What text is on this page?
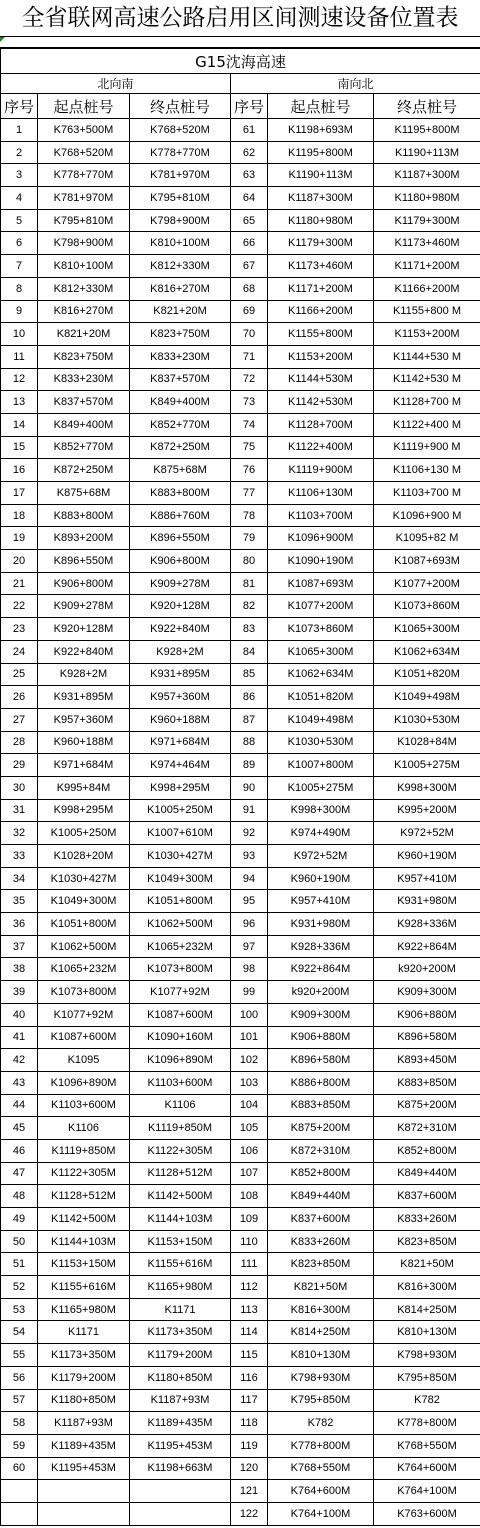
全省联网高速公路启用区间测速设备位置表
G15沈海高速					
北向南			南向北		
序号	起点桩号	终点桩号	序号	起点桩号	终点桩号
1	K763+500M	K768+520M	61	K1198+693M	K1195+800M
2	K768+520M	K778+770M	62	K1195+800M	K1190+113M
3	K778+770M	K781+970M	63	K1190+113M	K1187+300M
4	K781+970M	K795+810M	64	K1187+300M	K1180+980M
5	K795+810M	K798+900M	65	K1180+980M	K1179+300M
6	K798+900M	K810+100M	66	K1179+300M	K1173+460M
7	K810+100M	K812+330M	67	K1173+460M	K1171+200M
8	K812+330M	K816+270M	68	K1171+200M	K1166+200M
9	K816+270M	K821+20M	69	K1166+200M	K1155+800 M
10	K821+20M	K823+750M	70	K1155+800M	K1153+200M
11	K823+750M	K833+230M	71	K1153+200M	K1144+530 M
12	K833+230M	K837+570M	72	K1144+530M	K1142+530 M
13	K837+570M	K849+400M	73	K1142+530M	K1128+700 M
14	K849+400M	K852+770M	74	K1128+700M	K1122+400 M
15	K852+770M	K872+250M	75	K1122+400M	K1119+900 M
16	K872+250M	K875+68M	76	K1119+900M	K1106+130 M
17	K875+68M	K883+800M	77	K1106+130M	K1103+700 M
18	K883+800M	K886+760M	78	K1103+700M	K1096+900 M
19	K893+200M	K896+550M	79	K1096+900M	K1095+82 M
20	K896+550M	K906+800M	80	K1090+190M	K1087+693M
21	K906+800M	K909+278M	81	K1087+693M	K1077+200M
22	K909+278M	K920+128M	82	K1077+200M	K1073+860M
23	K920+128M	K922+840M	83	K1073+860M	K1065+300M
24	K922+840M	K928+2M	84	K1065+300M	K1062+634M
25	K928+2M	K931+895M	85	K1062+634M	K1051+820M
26	K931+895M	K957+360M	86	K1051+820M	K1049+498M
27	K957+360M	K960+188M	87	K1049+498M	K1030+530M
28	K960+188M	K971+684M	88	K1030+530M	K1028+84M
29	K971+684M	K974+464M	89	K1007+800M	K1005+275M
30	K995+84M	K998+295M	90	K1005+275M	K998+300M
31	K998+295M	K1005+250M	91	K998+300M	K995+200M
32	K1005+250M	K1007+610M	92	K974+490M	K972+52M
33	K1028+20M	K1030+427M	93	K972+52M	K960+190M
34	K1030+427M	K1049+300M	94	K960+190M	K957+410M
35	K1049+300M	K1051+800M	95	K957+410M	K931+980M
36	K1051+800M	K1062+500M	96	K931+980M	K928+336M
37	K1062+500M	K1065+232M	97	K928+336M	K922+864M
38	K1065+232M	K1073+800M	98	K922+864M	k920+200M
39	K1073+800M	K1077+92M	99	k920+200M	K909+300M
40	K1077+92M	K1087+600M	100	K909+300M	K906+880M
41	K1087+600M	K1090+160M	101	K906+880M	K896+580M
42	K1095	K1096+890M	102	K896+580M	K893+450M
43	K1096+890M	K1103+600M	103	K886+800M	K883+850M
44	K1103+600M	K1106	104	K883+850M	K875+200M
45	K1106	K1119+850M	105	K875+200M	K872+310M
46	K1119+850M	K1122+305M	106	K872+310M	K852+800M
47	K1122+305M	K1128+512M	107	K852+800M	K849+440M
48	K1128+512M	K1142+500M	108	K849+440M	K837+600M
49	K1142+500M	K1144+103M	109	K837+600M	K833+260M
50	K1144+103M	K1153+150M	110	K833+260M	K823+850M
51	K1153+150M	K1155+616M	111	K823+850M	K821+50M
52	K1155+616M	K1165+980M	112	K821+50M	K816+300M
53	K1165+980M	K1171	113	K816+300M	K814+250M
54	K1171	K1173+350M	114	K814+250M	K810+130M
55	K1173+350M	K1179+200M	115	K810+130M	K798+930M
56	K1179+200M	K1180+850M	116	K798+930M	K795+850M
57	K1180+850M	K1187+93M	117	K795+850M	K782
58	K1187+93M	K1189+435M	118	K782	K778+800M
59	K1189+435M	K1195+453M	119	K778+800M	K768+550M
60	K1195+453M	K1198+663M	120	K768+550M	K764+600M
			121	K764+600M	K764+100M
			122	K764+100M	K763+600M
